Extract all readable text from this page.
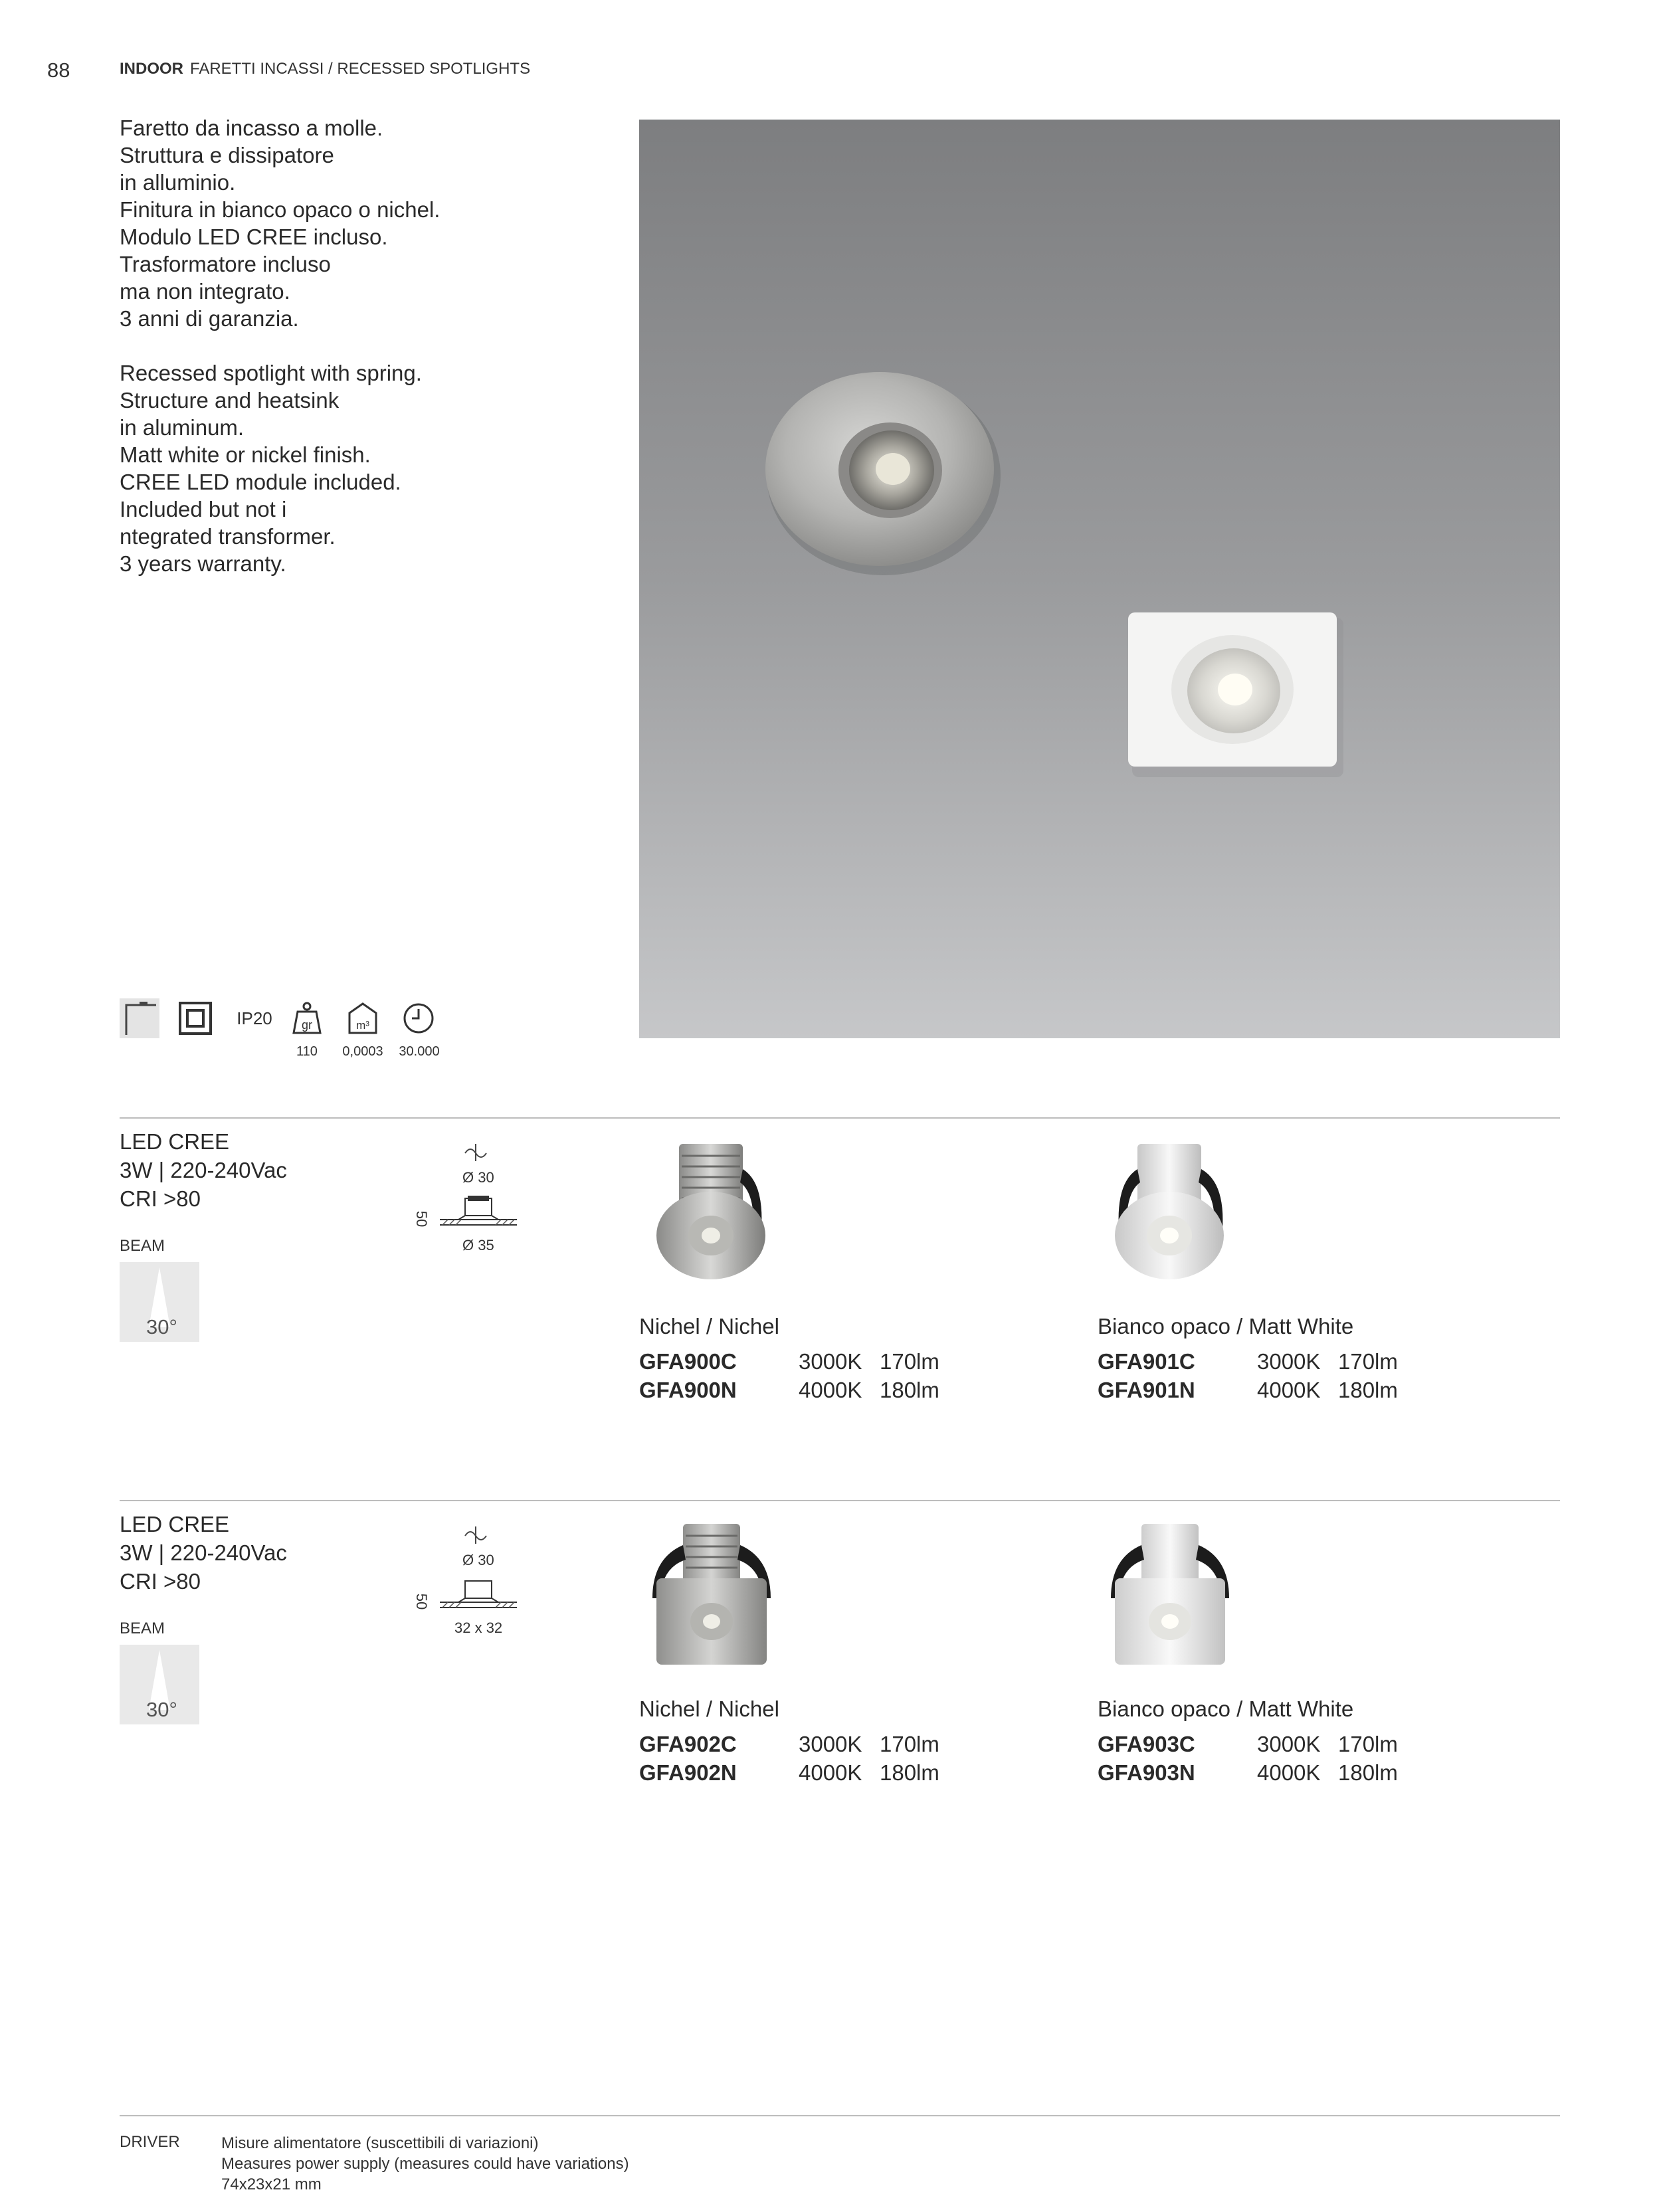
88	INDOOR FARETTI INCASSI / RECESSED SPOTLIGHTS

Faretto da incasso a molle.
Struttura e dissipatore
in alluminio.
Finitura in bianco opaco o nichel.
Modulo LED CREE incluso.
Trasformatore incluso
ma non integrato.
3 anni di garanzia.

Recessed spotlight with spring.
Structure and heatsink
in aluminum.
Matt white or nickel finish.
CREE LED module included.
Included but not i
ntegrated transformer.
3 years warranty.

IP20 gr	m³
110	0,0003	30.000
LED CREE
3W | 220-240Vac
CRI >80
BEAM
30°
Ø 30
50
Ø 35
Nichel / Nichel
GFA900C	3000K 170lm
GFA900N	4000K 180lm
Bianco opaco / Matt White
GFA901C	3000K 170lm
GFA901N	4000K 180lm
LED CREE
3W | 220-240Vac
CRI >80
BEAM
30°
Ø 30
50
32 x 32
Nichel / Nichel
GFA902C	3000K 170lm
GFA902N	4000K 180lm
Bianco opaco / Matt White
GFA903C	3000K 170lm
GFA903N	4000K 180lm
DRIVER	Misure alimentatore (suscettibili di variazioni)
Measures power supply (measures could have variations)
74x23x21 mm
